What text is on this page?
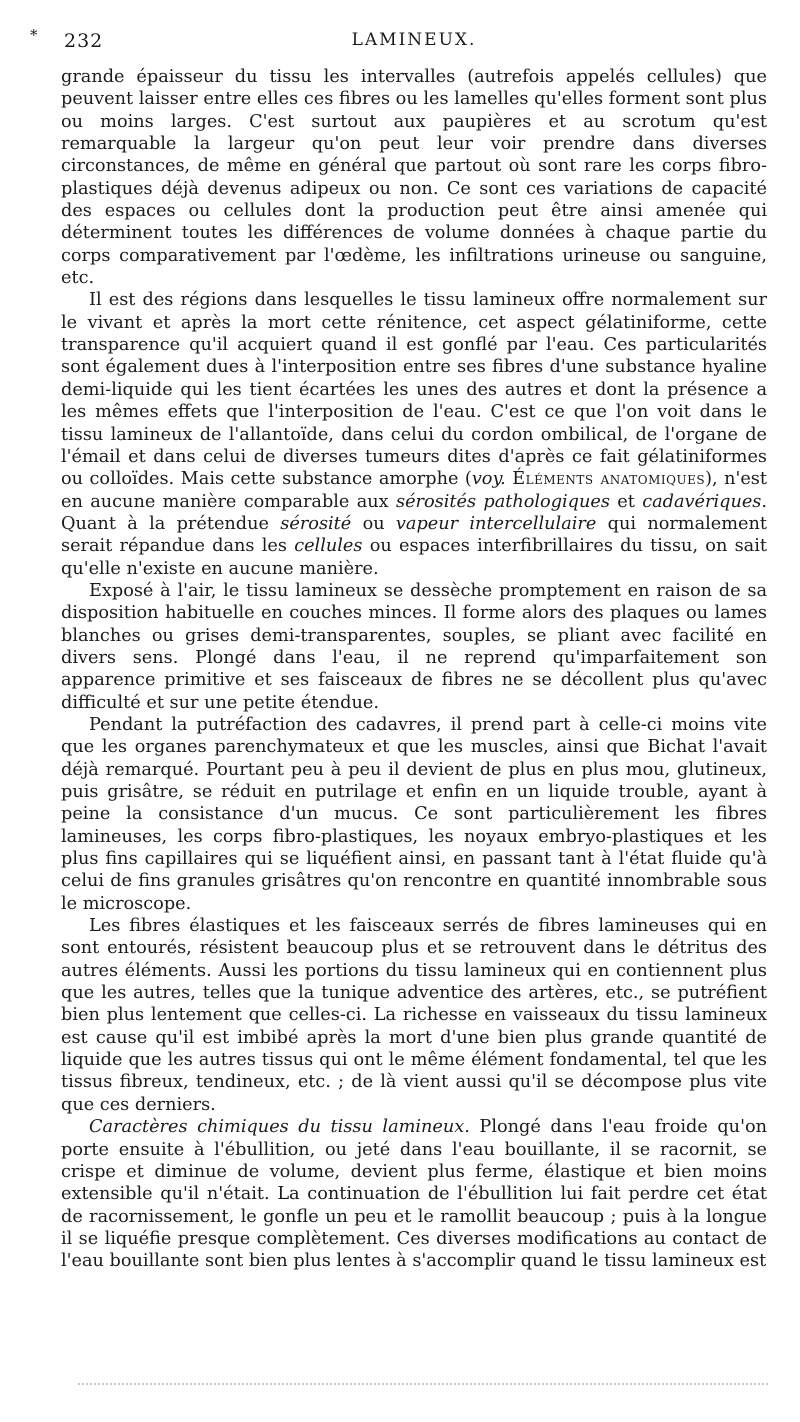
* 232	LAMINEUX.

grande épaisseur du tissu les intervalles (autrefois appelés cellules) que peuvent laisser entre elles ces fibres ou les lamelles qu'elles forment sont plus ou moins larges. C'est surtout aux paupières et au scrotum qu'est remarquable la largeur qu'on peut leur voir prendre dans diverses circonstances, de même en général que partout où sont rare les corps fibro-plastiques déjà devenus adipeux ou non. Ce sont ces variations de capacité des espaces ou cellules dont la production peut être ainsi amenée qui déterminent toutes les différences de volume données à chaque partie du corps comparativement par l'œdème, les infiltrations urineuse ou sanguine, etc.

Il est des régions dans lesquelles le tissu lamineux offre normalement sur le vivant et après la mort cette rénitence, cet aspect gélatiniforme, cette transparence qu'il acquiert quand il est gonflé par l'eau. Ces particularités sont également dues à l'interposition entre ses fibres d'une substance hyaline demi-liquide qui les tient écartées les unes des autres et dont la présence a les mêmes effets que l'interposition de l'eau. C'est ce que l'on voit dans le tissu lamineux de l'allantoïde, dans celui du cordon ombilical, de l'organe de l'émail et dans celui de diverses tumeurs dites d'après ce fait gélatiniformes ou colloïdes. Mais cette substance amorphe (voy. Éléments anatomiques), n'est en aucune manière comparable aux sérosités pathologiques et cadavériques. Quant à la prétendue sérosité ou vapeur intercellulaire qui normalement serait répandue dans les cellules ou espaces interfibrillaires du tissu, on sait qu'elle n'existe en aucune manière.

Exposé à l'air, le tissu lamineux se dessèche promptement en raison de sa disposition habituelle en couches minces. Il forme alors des plaques ou lames blanches ou grises demi-transparentes, souples, se pliant avec facilité en divers sens. Plongé dans l'eau, il ne reprend qu'imparfaitement son apparence primitive et ses faisceaux de fibres ne se décollent plus qu'avec difficulté et sur une petite étendue.

Pendant la putréfaction des cadavres, il prend part à celle-ci moins vite que les organes parenchymateux et que les muscles, ainsi que Bichat l'avait déjà remarqué. Pourtant peu à peu il devient de plus en plus mou, glutineux, puis grisâtre, se réduit en putrilage et enfin en un liquide trouble, ayant à peine la consistance d'un mucus. Ce sont particulièrement les fibres lamineuses, les corps fibro-plastiques, les noyaux embryo-plastiques et les plus fins capillaires qui se liquéfient ainsi, en passant tant à l'état fluide qu'à celui de fins granules grisâtres qu'on rencontre en quantité innombrable sous le microscope.

Les fibres élastiques et les faisceaux serrés de fibres lamineuses qui en sont entourés, résistent beaucoup plus et se retrouvent dans le détritus des autres éléments. Aussi les portions du tissu lamineux qui en contiennent plus que les autres, telles que la tunique adventice des artères, etc., se putréfient bien plus lentement que celles-ci. La richesse en vaisseaux du tissu lamineux est cause qu'il est imbibé après la mort d'une bien plus grande quantité de liquide que les autres tissus qui ont le même élément fondamental, tel que les tissus fibreux, tendineux, etc. ; de là vient aussi qu'il se décompose plus vite que ces derniers.

Caractères chimiques du tissu lamineux. Plongé dans l'eau froide qu'on porte ensuite à l'ébullition, ou jeté dans l'eau bouillante, il se racornit, se crispe et diminue de volume, devient plus ferme, élastique et bien moins extensible qu'il n'était. La continuation de l'ébullition lui fait perdre cet état de racornissement, le gonfle un peu et le ramollit beaucoup ; puis à la longue il se liquéfie presque complètement. Ces diverses modifications au contact de l'eau bouillante sont bien plus lentes à s'accomplir quand le tissu lamineux est
